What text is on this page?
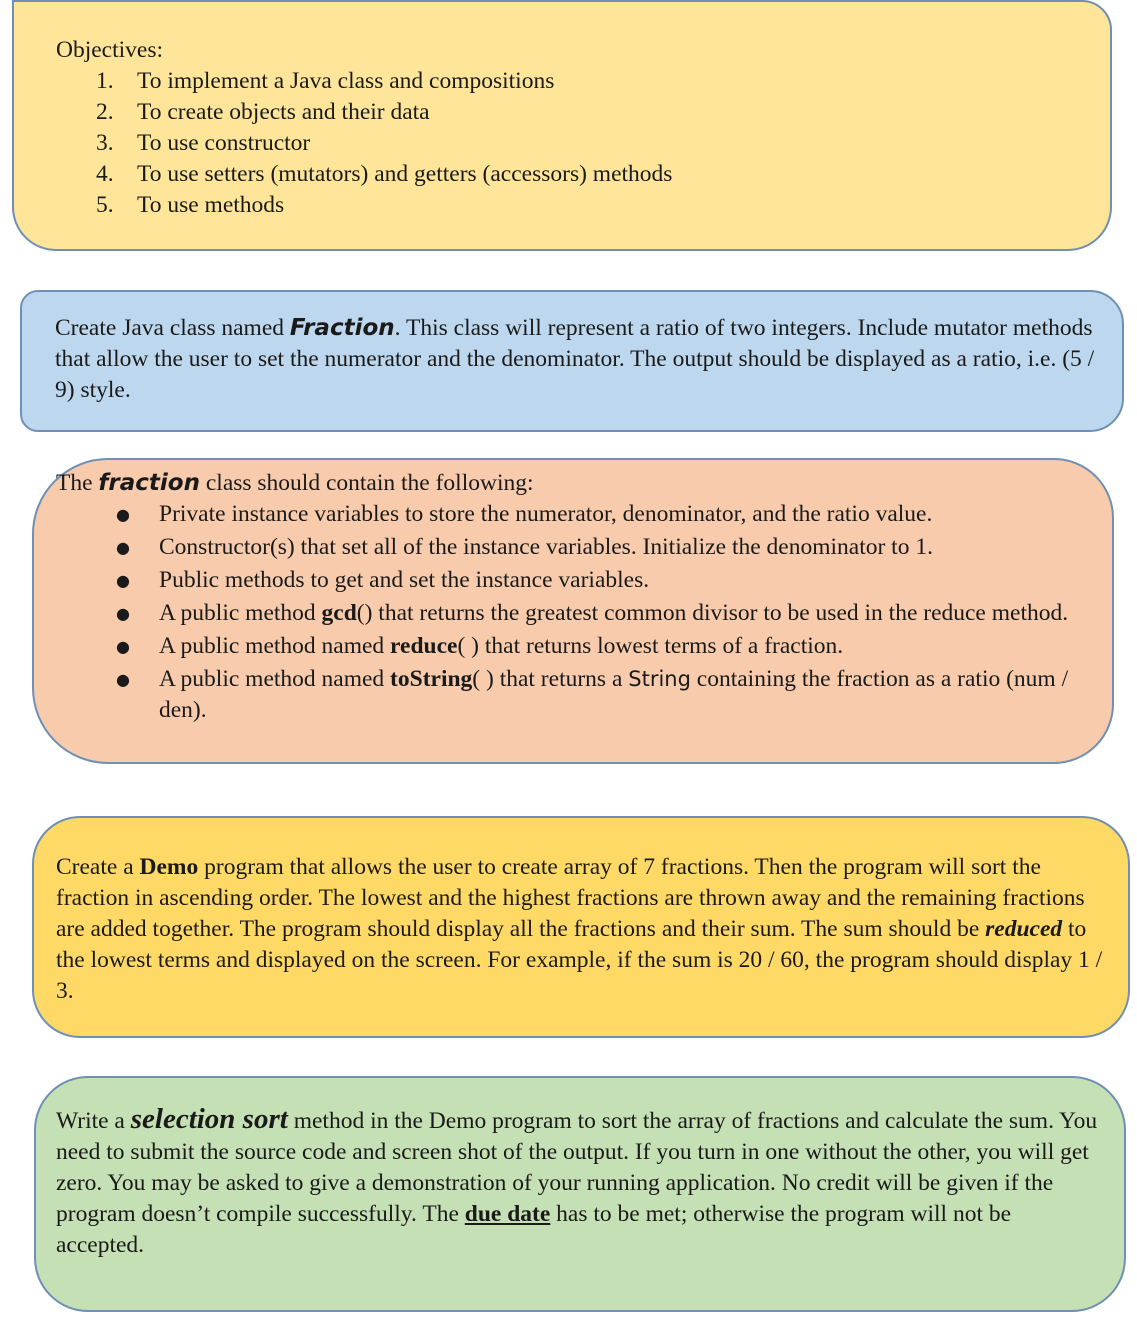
Objectives:

1. To implement a Java class and compositions
2. To create objects and their data
3. To use constructor
4. To use setters (mutators) and getters (accessors) methods
5. To use methods

Create Java class named Fraction. This class will represent a ratio of two integers. Include mutator methods that allow the user to set the numerator and the denominator. The output should be displayed as a ratio, i.e. (5 / 9) style.

The fraction class should contain the following:

● Private instance variables to store the numerator, denominator, and the ratio value.
● Constructor(s) that set all of the instance variables. Initialize the denominator to 1.
● Public methods to get and set the instance variables.
● A public method gcd() that returns the greatest common divisor to be used in the reduce method.
● A public method named reduce( ) that returns lowest terms of a fraction.
● A public method named toString( ) that returns a String containing the fraction as a ratio (num / den).

Create a Demo program that allows the user to create array of 7 fractions. Then the program will sort the fraction in ascending order. The lowest and the highest fractions are thrown away and the remaining fractions are added together. The program should display all the fractions and their sum. The sum should be reduced to the lowest terms and displayed on the screen. For example, if the sum is 20 / 60, the program should display 1 / 3.

Write a selection sort method in the Demo program to sort the array of fractions and calculate the sum. You need to submit the source code and screen shot of the output. If you turn in one without the other, you will get zero. You may be asked to give a demonstration of your running application. No credit will be given if the program doesn’t compile successfully. The due date has to be met; otherwise the program will not be accepted.
